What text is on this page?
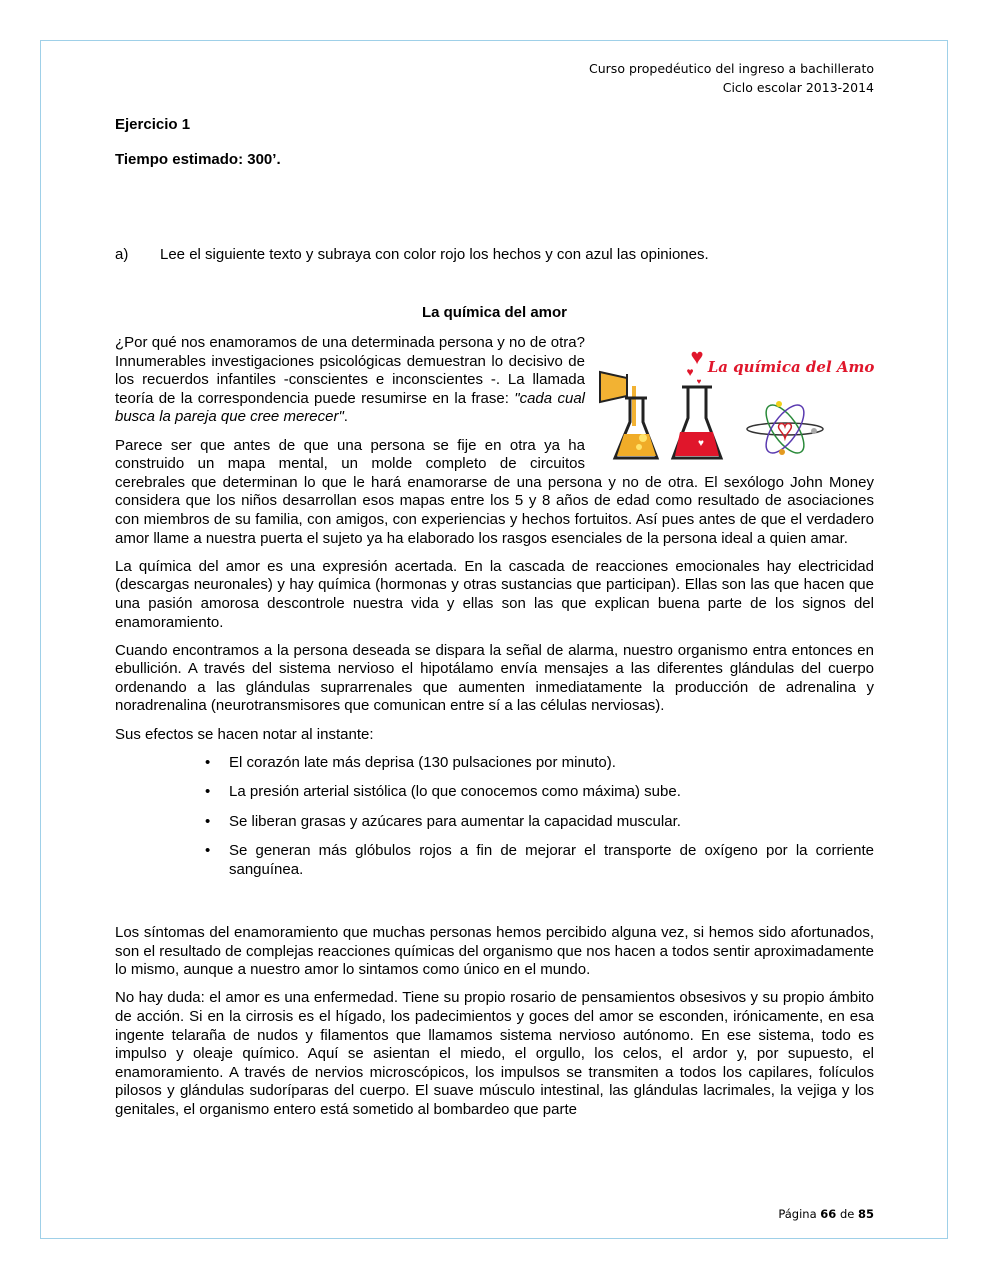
Curso propedéutico del ingreso a bachillerato
Ciclo escolar 2013-2014
Ejercicio 1
Tiempo estimado: 300’.
a) Lee el siguiente texto y subraya con color rojo los hechos y con azul las opiniones.
La química del amor
♥
♥
♥
♥	♥
La química del Amor

¿Por qué nos enamoramos de una determinada persona y no de otra? Innumerables investigaciones psicológicas demuestran lo decisivo de los recuerdos infantiles -conscientes e inconscientes -. La llamada teoría de la correspondencia puede resumirse en la frase: "cada cual busca la pareja que cree merecer".

Parece ser que antes de que una persona se fije en otra ya ha construido un mapa mental, un molde completo de circuitos cerebrales que determinan lo que le hará enamorarse de una persona y no de otra. El sexólogo John Money considera que los niños desarrollan esos mapas entre los 5 y 8 años de edad como resultado de asociaciones con miembros de su familia, con amigos, con experiencias y hechos fortuitos. Así pues antes de que el verdadero amor llame a nuestra puerta el sujeto ya ha elaborado los rasgos esenciales de la persona ideal a quien amar.

La química del amor es una expresión acertada. En la cascada de reacciones emocionales hay electricidad (descargas neuronales) y hay química (hormonas y otras sustancias que participan). Ellas son las que hacen que una pasión amorosa descontrole nuestra vida y ellas son las que explican buena parte de los signos del enamoramiento.

Cuando encontramos a la persona deseada se dispara la señal de alarma, nuestro organismo entra entonces en ebullición. A través del sistema nervioso el hipotálamo envía mensajes a las diferentes glándulas del cuerpo ordenando a las glándulas suprarrenales que aumenten inmediatamente la producción de adrenalina y noradrenalina (neurotransmisores que comunican entre sí a las células nerviosas).

Sus efectos se hacen notar al instante:

• El corazón late más deprisa (130 pulsaciones por minuto).
• La presión arterial sistólica (lo que conocemos como máxima) sube.
• Se liberan grasas y azúcares para aumentar la capacidad muscular.
• Se generan más glóbulos rojos a fin de mejorar el transporte de oxígeno por la corriente sanguínea.

Los síntomas del enamoramiento que muchas personas hemos percibido alguna vez, si hemos sido afortunados, son el resultado de complejas reacciones químicas del organismo que nos hacen a todos sentir aproximadamente lo mismo, aunque a nuestro amor lo sintamos como único en el mundo.

No hay duda: el amor es una enfermedad. Tiene su propio rosario de pensamientos obsesivos y su propio ámbito de acción. Si en la cirrosis es el hígado, los padecimientos y goces del amor se esconden, irónicamente, en esa ingente telaraña de nudos y filamentos que llamamos sistema nervioso autónomo. En ese sistema, todo es impulso y oleaje químico. Aquí se asientan el miedo, el orgullo, los celos, el ardor y, por supuesto, el enamoramiento. A través de nervios microscópicos, los impulsos se transmiten a todos los capilares, folículos pilosos y glándulas sudoríparas del cuerpo. El suave músculo intestinal, las glándulas lacrimales, la vejiga y los genitales, el organismo entero está sometido al bombardeo que parte

Página 66 de 85
